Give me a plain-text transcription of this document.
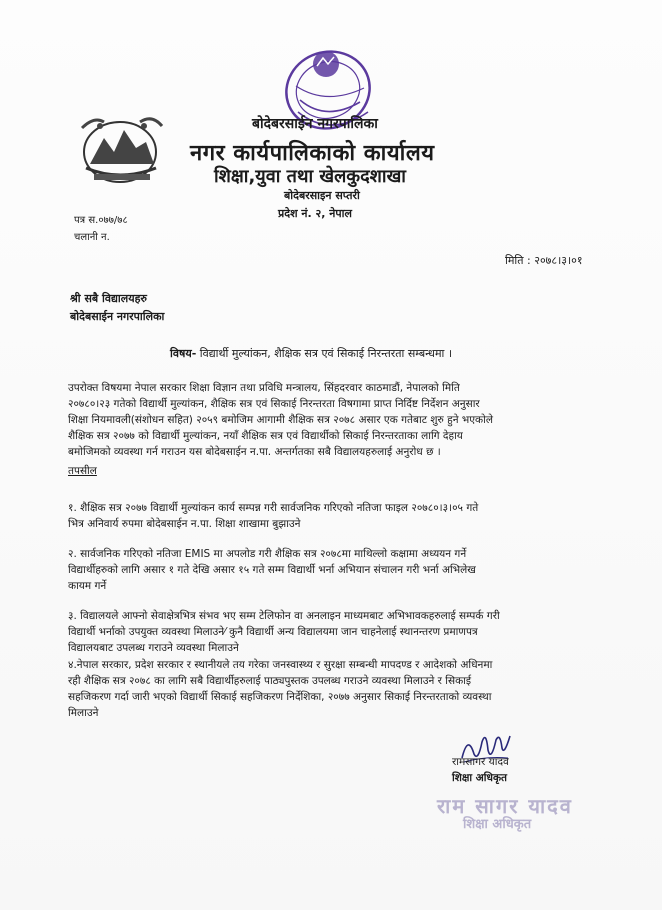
बोदेबरसाईन नगरपालिका
नगर कार्यपालिकाको कार्यालय
शिक्षा,युवा तथा खेलकुदशाखा
बोदेबरसाइन सप्तरी
प्रदेश नं. २, नेपाल
पत्र स.०७७/७८
चलानी न.
मिति : २०७८।३।०१
श्री सबै विद्यालयहरु
बोदेबसाईन नगरपालिका
विषय- विद्यार्थी मुल्यांकन, शैक्षिक सत्र एवं सिकाई निरन्तरता सम्बन्धमा ।
उपरोक्त विषयमा नेपाल सरकार शिक्षा विज्ञान तथा प्रविधि मन्त्रालय, सिंहदरवार काठमाडौं, नेपालको मिति
२०७८०।२३ गतेको विद्यार्थी मुल्यांकन, शैक्षिक सत्र एवं सिकाई निरन्तरता विषगामा प्राप्त निर्दिष्ट निर्देशन अनुसार
शिक्षा नियमावली(संशोधन सहित) २०५९ बमोजिम आगामी शैक्षिक सत्र २०७८ असार एक गतेबाट शुरु हुने भएकोले
शैक्षिक सत्र २०७७ को विद्यार्थी मुल्यांकन, नयाँ शैक्षिक सत्र एवं विद्यार्थीको सिकाई निरन्तरताका लागि देहाय
बमोजिमको व्यवस्था गर्न गराउन यस बोदेबसाईन न.पा. अन्तर्गतका सबै विद्यालयहरुलाई अनुरोध छ ।
तपसील
१. शैक्षिक सत्र २०७७ विद्यार्थी मुल्यांकन कार्य सम्पन्न गरी सार्वजनिक गरिएको नतिजा फाइल २०७८०।३।०५ गते
भित्र अनिवार्य रुपमा बोदेबसाईन न.पा. शिक्षा शाखामा बुझाउने
२. सार्वजनिक गरिएको नतिजा EMIS मा अपलोड गरी शैक्षिक सत्र २०७८मा माथिल्लो कक्षामा अध्ययन गर्ने
विद्यार्थीहरुको लागि असार १ गते देखि असार १५ गते सम्म विद्यार्थी भर्ना अभियान संचालन गरी भर्ना अभिलेख
कायम गर्ने
३. विद्यालयले आफ्नो सेवाक्षेत्रभित्र संभव भए सम्म टेलिफोन वा अनलाइन माध्यमबाट अभिभावकहरुलाई सम्पर्क गरी
विद्यार्थी भर्नाको उपयुक्त व्यवस्था मिलाउने⁄ कुनै विद्यार्थी अन्य विद्यालयमा जान चाहनेलाई स्थानन्तरण प्रमाणपत्र
विद्यालयबाट उपलब्ध गराउने व्यवस्था मिलाउने
४.नेपाल सरकार, प्रदेश सरकार र स्थानीयले तय गरेका जनस्वास्थ्य र सुरक्षा सम्बन्धी मापदण्ड र आदेशको अधिनमा
रही शैक्षिक सत्र २०७८ का लागि सबै विद्यार्थीहरुलाई पाठ्यपुस्तक उपलब्ध गराउने व्यवस्था मिलाउने र सिकाई
सहजिकरण गर्दा जारी भएको विद्यार्थी सिकाई सहजिकरण निर्देशिका, २०७७ अनुसार सिकाई निरन्तरताको व्यवस्था
मिलाउने
रामसागर यादव
शिक्षा अधिकृत
राम सागर यादव
शिक्षा अधिकृत
